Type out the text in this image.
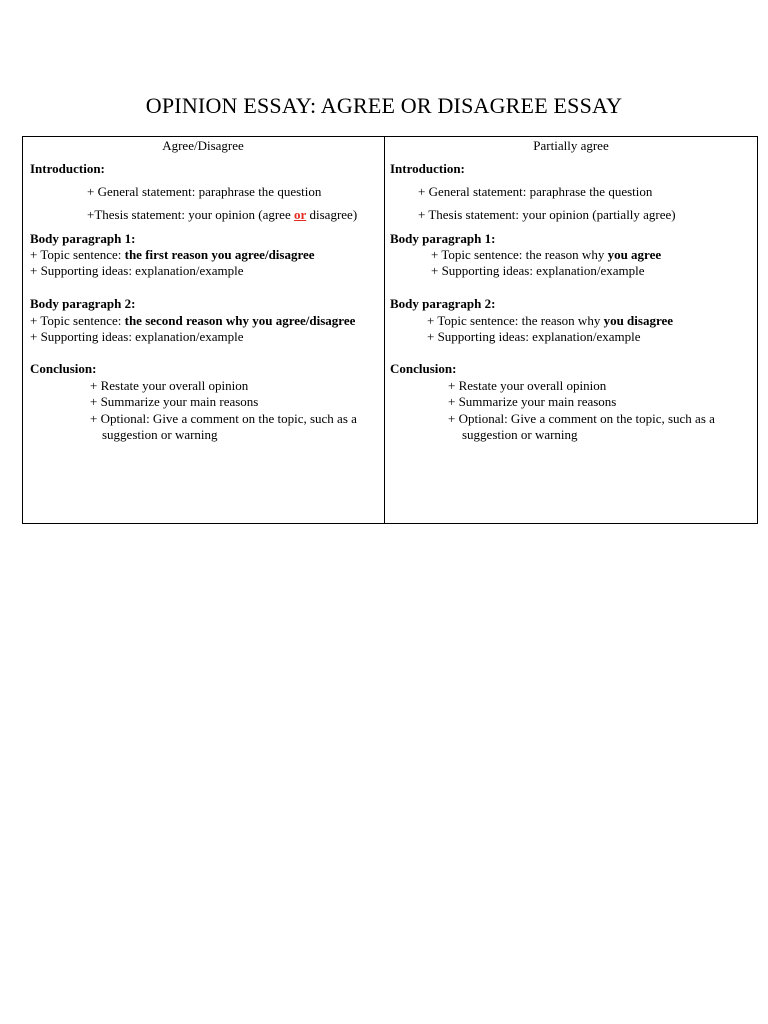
OPINION ESSAY: AGREE OR DISAGREE ESSAY
Agree/Disagree
Introduction:
+ General statement: paraphrase the question
+Thesis statement: your opinion (agree or disagree)
Body paragraph 1:
+ Topic sentence: the first reason you agree/disagree
+ Supporting ideas: explanation/example
Body paragraph 2:
+ Topic sentence: the second reason why you agree/disagree
+ Supporting ideas: explanation/example
Conclusion:
+ Restate your overall opinion
+ Summarize your main reasons
+ Optional: Give a comment on the topic, such as a
suggestion or warning
Partially agree
Introduction:
+ General statement: paraphrase the question
+ Thesis statement: your opinion (partially agree)
Body paragraph 1:
+ Topic sentence: the reason why you agree
+ Supporting ideas: explanation/example
Body paragraph 2:
+ Topic sentence: the reason why you disagree
+ Supporting ideas: explanation/example
Conclusion:
+ Restate your overall opinion
+ Summarize your main reasons
+ Optional: Give a comment on the topic, such as a
suggestion or warning
